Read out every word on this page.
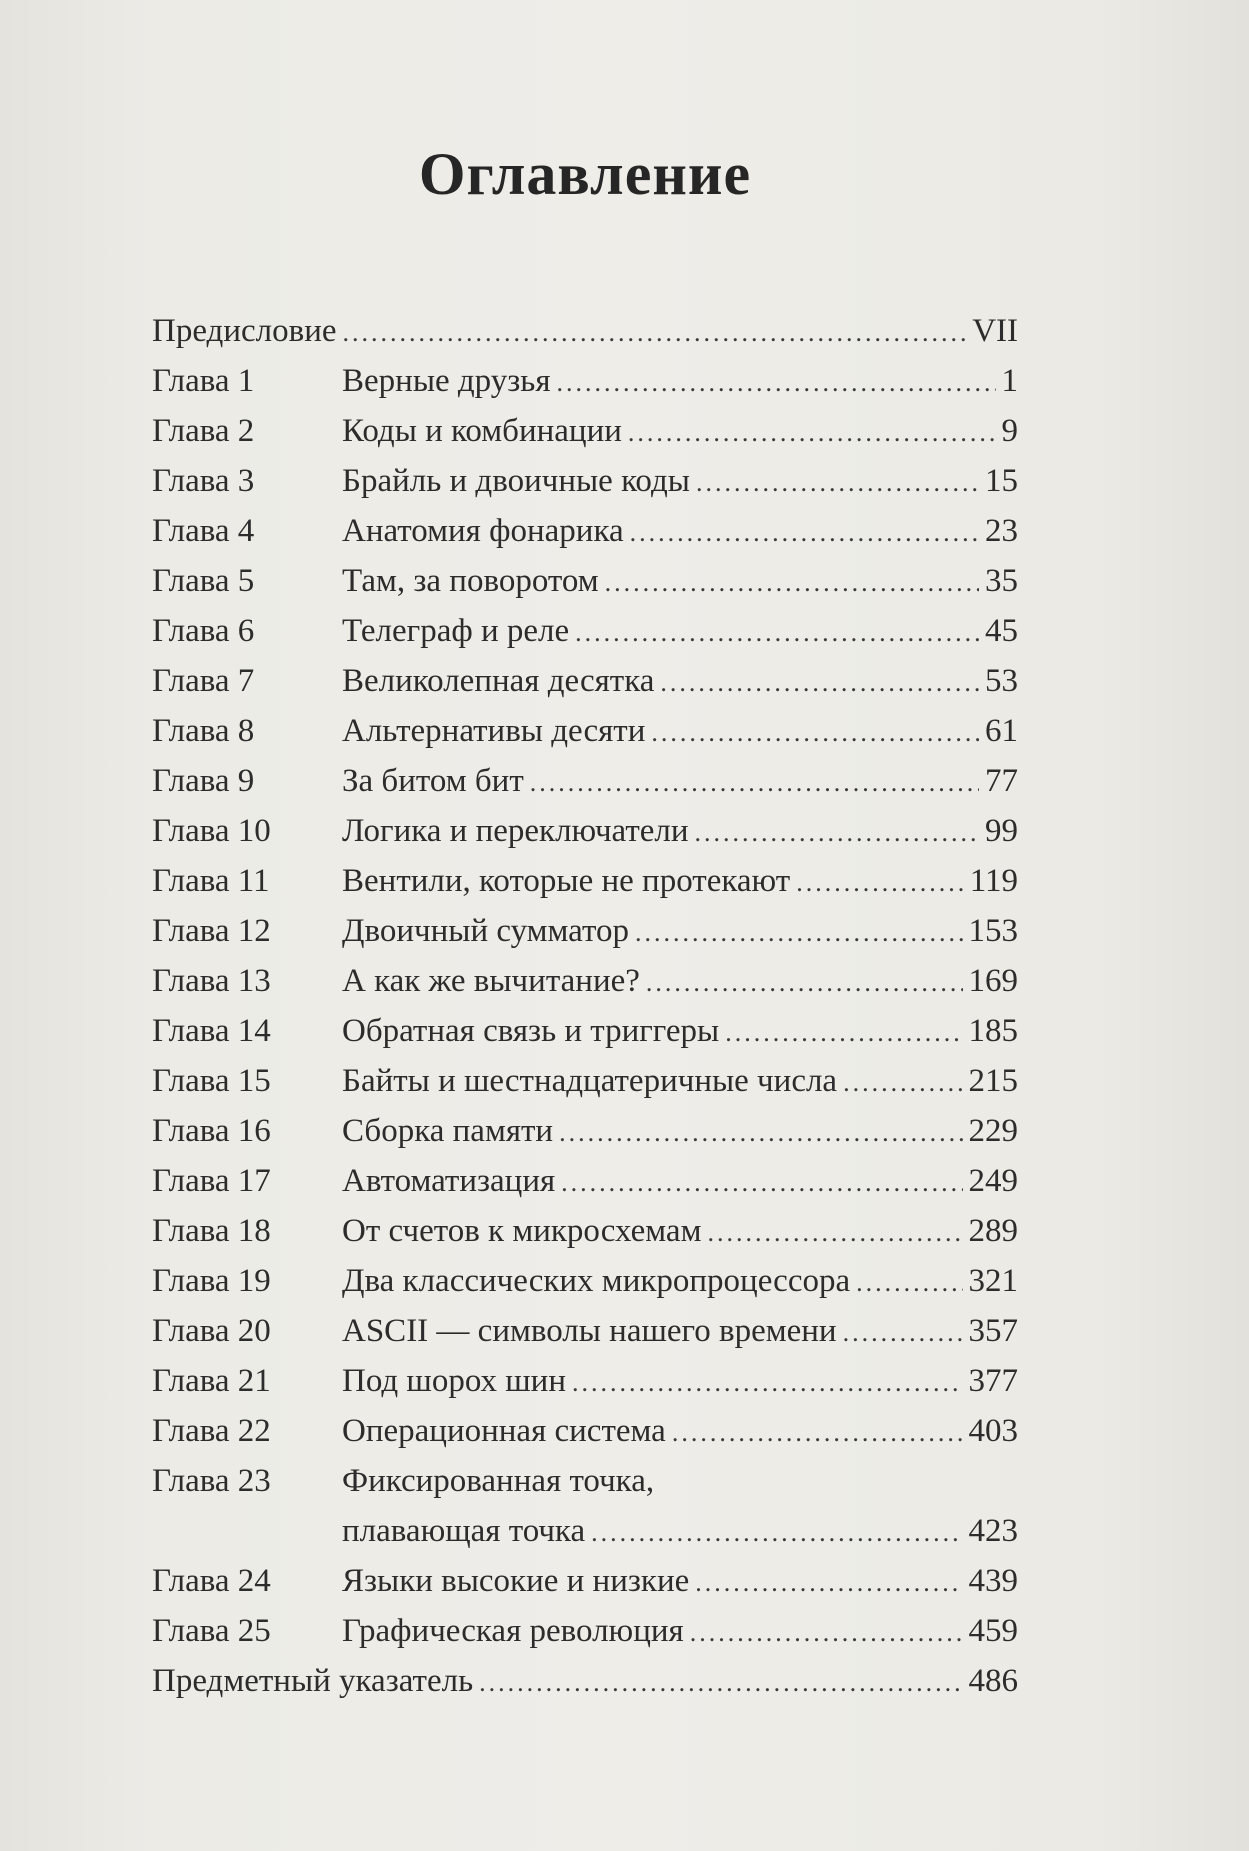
Оглавление
Предисловие .....	VII
Глава 1	Верные друзья .....	1
Глава 2	Коды и комбинации .....	9
Глава 3	Брайль и двоичные коды .....	15
Глава 4	Анатомия фонарика .....	23
Глава 5	Там, за поворотом .....	35
Глава 6	Телеграф и реле .....	45
Глава 7	Великолепная десятка .....	53
Глава 8	Альтернативы десяти .....	61
Глава 9	За битом бит .....	77
Глава 10 Логика и переключатели .....	99
Глава 11 Вентили, которые не протекают .....	119
Глава 12 Двоичный сумматор .....	153
Глава 13 А как же вычитание? .....	169
Глава 14 Обратная связь и триггеры .....	185
Глава 15 Байты и шестнадцатеричные числа .....	215
Глава 16 Сборка памяти .....	229
Глава 17 Автоматизация .....	249
Глава 18 От счетов к микросхемам .....	289
Глава 19 Два классических микропроцессора .....	321
Глава 20 ASCII — символы нашего времени .....	357
Глава 21 Под шорох шин .....	377
Глава 22 Операционная система .....	403
Глава 23 Фиксированная точка,
плавающая точка .....	423
Глава 24 Языки высокие и низкие .....	439
Глава 25 Графическая революция .....	459
Предметный указатель .....	486
